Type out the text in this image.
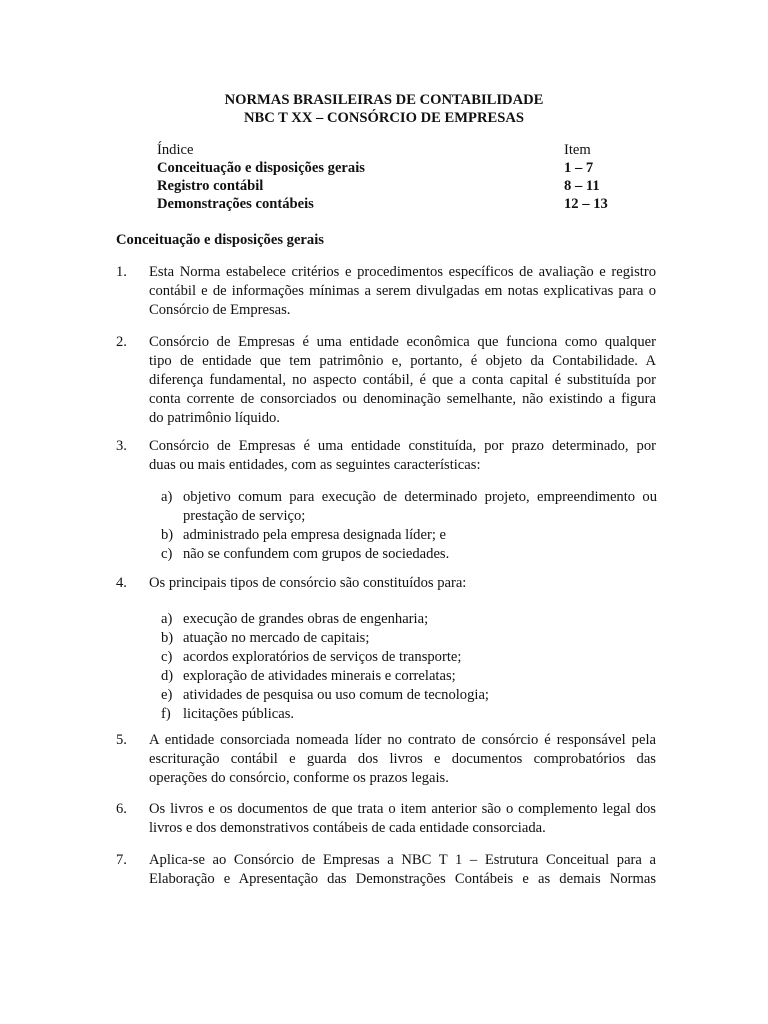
NORMAS BRASILEIRAS DE CONTABILIDADE
NBC T XX – CONSÓRCIO DE EMPRESAS
Índice	Item
Conceituação e disposições gerais	1 – 7
Registro contábil	8 – 11
Demonstrações contábeis	12 – 13
Conceituação e disposições gerais
1. Esta Norma estabelece critérios e procedimentos específicos de avaliação e registro
contábil e de informações mínimas a serem divulgadas em notas explicativas para o
Consórcio de Empresas.
2. Consórcio de Empresas é uma entidade econômica que funciona como qualquer
tipo de entidade que tem patrimônio e, portanto, é objeto da Contabilidade. A
diferença fundamental, no aspecto contábil, é que a conta capital é substituída por
conta corrente de consorciados ou denominação semelhante, não existindo a figura
do patrimônio líquido.
3. Consórcio de Empresas é uma entidade constituída, por prazo determinado, por
duas ou mais entidades, com as seguintes características:
a) objetivo comum para execução de determinado projeto, empreendimento ou
prestação de serviço;
b) administrado pela empresa designada líder; e
c) não se confundem com grupos de sociedades.
4. Os principais tipos de consórcio são constituídos para:
a) execução de grandes obras de engenharia;
b) atuação no mercado de capitais;
c) acordos exploratórios de serviços de transporte;
d) exploração de atividades minerais e correlatas;
e) atividades de pesquisa ou uso comum de tecnologia;
f) licitações públicas.
5. A entidade consorciada nomeada líder no contrato de consórcio é responsável pela
escrituração contábil e guarda dos livros e documentos comprobatórios das
operações do consórcio, conforme os prazos legais.
6. Os livros e os documentos de que trata o item anterior são o complemento legal dos
livros e dos demonstrativos contábeis de cada entidade consorciada.
7. Aplica-se ao Consórcio de Empresas a NBC T 1 – Estrutura Conceitual para a
Elaboração e Apresentação das Demonstrações Contábeis e as demais Normas
